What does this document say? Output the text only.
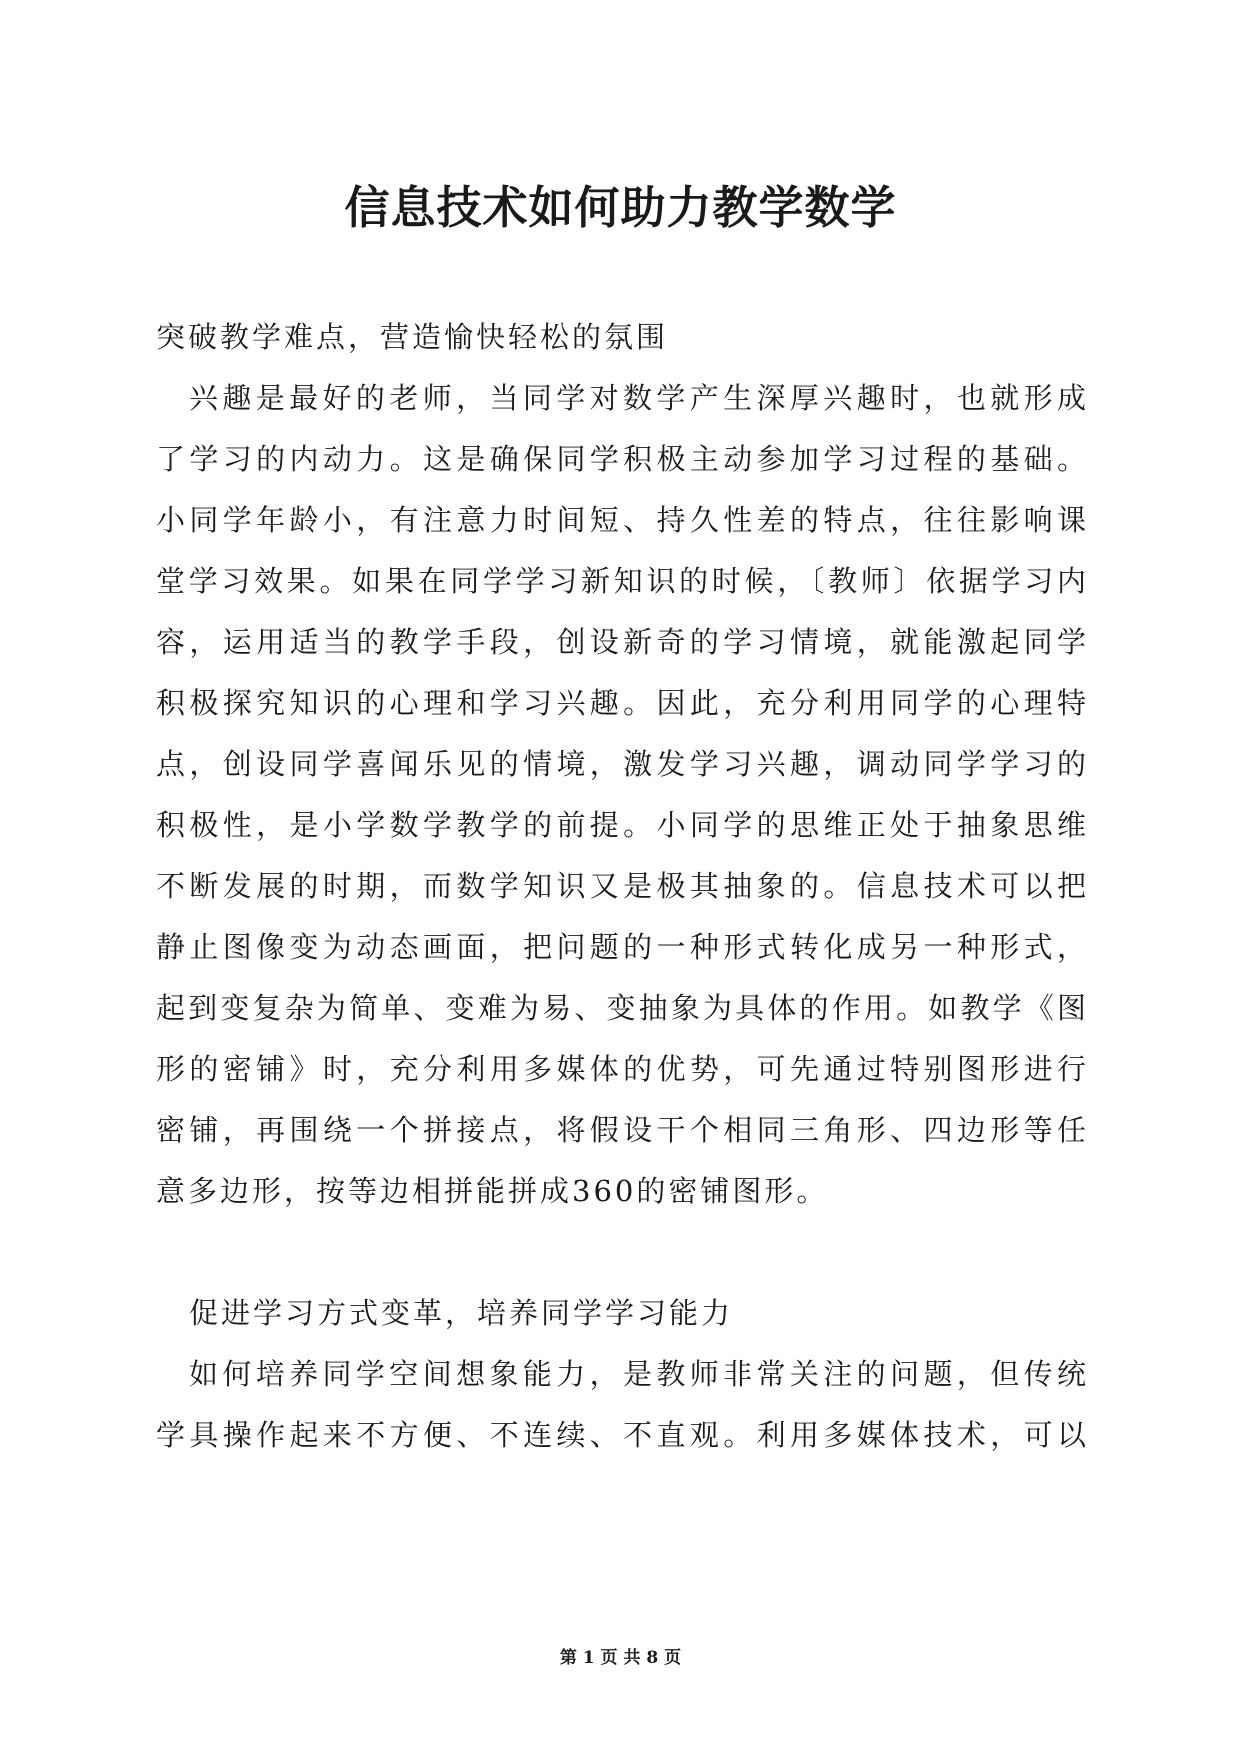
信息技术如何助力教学数学
突破教学难点，营造愉快轻松的氛围
兴趣是最好的老师，当同学对数学产生深厚兴趣时，也就形成
了学习的内动力。这是确保同学积极主动参加学习过程的基础。
小同学年龄小，有注意力时间短、持久性差的特点，往往影响课
堂学习效果。如果在同学学习新知识的时候，〔教师〕依据学习内
容，运用适当的教学手段，创设新奇的学习情境，就能激起同学
积极探究知识的心理和学习兴趣。因此，充分利用同学的心理特
点，创设同学喜闻乐见的情境，激发学习兴趣，调动同学学习的
积极性，是小学数学教学的前提。小同学的思维正处于抽象思维
不断发展的时期，而数学知识又是极其抽象的。信息技术可以把
静止图像变为动态画面，把问题的一种形式转化成另一种形式，
起到变复杂为简单、变难为易、变抽象为具体的作用。如教学《图
形的密铺》时，充分利用多媒体的优势，可先通过特别图形进行
密铺，再围绕一个拼接点，将假设干个相同三角形、四边形等任
意多边形，按等边相拼能拼成360的密铺图形。
促进学习方式变革，培养同学学习能力
如何培养同学空间想象能力，是教师非常关注的问题，但传统
学具操作起来不方便、不连续、不直观。利用多媒体技术，可以
第 1 页 共 8 页
